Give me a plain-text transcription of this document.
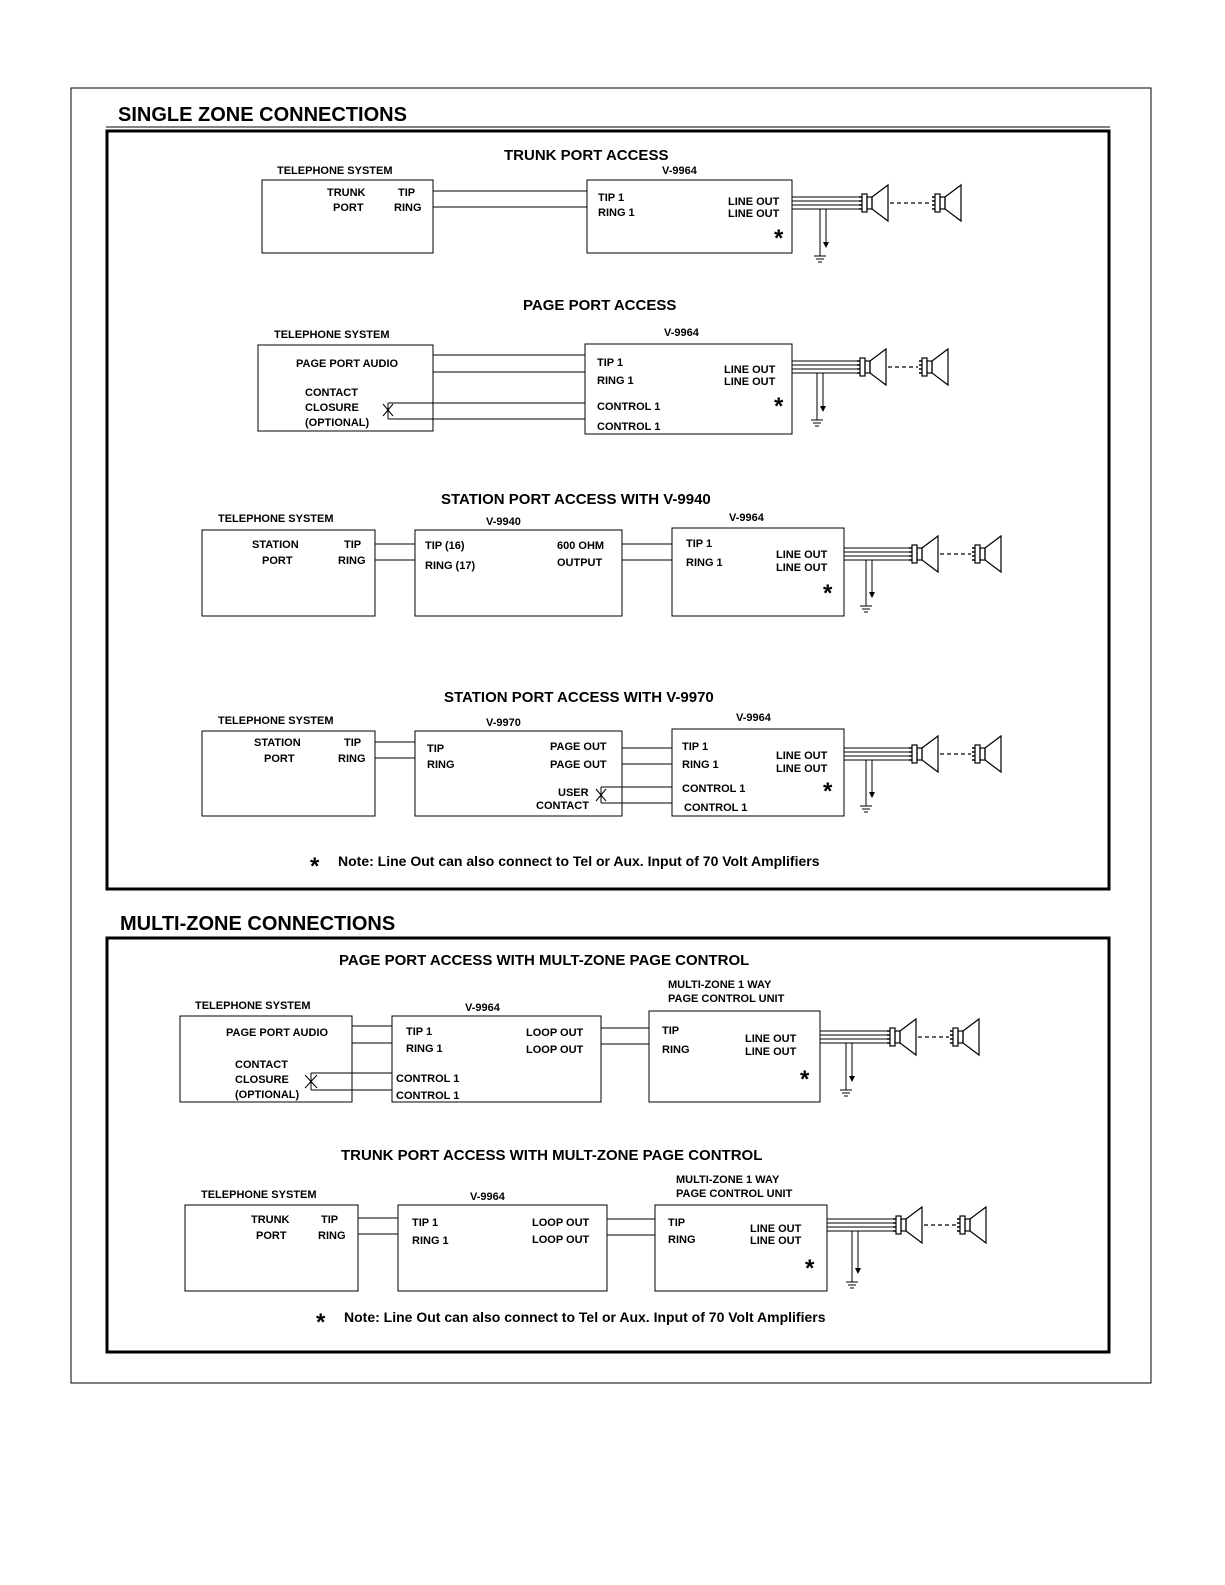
SINGLE ZONE CONNECTIONS
TRUNK PORT ACCESS
TELEPHONE SYSTEM
TRUNK
PORT
TIP
RING
V-9964
TIP 1
RING 1
LINE OUT
LINE OUT
*
PAGE PORT ACCESS
TELEPHONE SYSTEM
PAGE PORT AUDIO
CONTACT
CLOSURE
(OPTIONAL)
V-9964
TIP 1
RING 1
CONTROL 1
CONTROL 1
LINE OUT
LINE OUT
*
STATION PORT ACCESS WITH V-9940
TELEPHONE SYSTEM
STATION
PORT
TIP
RING
V-9940
TIP (16)
RING (17)
600 OHM
OUTPUT
V-9964
TIP 1
RING 1
LINE OUT
LINE OUT
*
STATION PORT ACCESS WITH V-9970
TELEPHONE SYSTEM
STATION
PORT
TIP
RING
V-9970
TIP
RING
PAGE OUT
PAGE OUT
USER
CONTACT
V-9964
TIP 1
RING 1
CONTROL 1
CONTROL 1
LINE OUT
LINE OUT
*
* Note: Line Out can also connect to Tel or Aux. Input of 70 Volt Amplifiers
MULTI-ZONE CONNECTIONS
PAGE PORT ACCESS WITH MULT-ZONE PAGE CONTROL
TELEPHONE SYSTEM
PAGE PORT AUDIO
CONTACT
CLOSURE
(OPTIONAL)
V-9964
TIP 1
RING 1
CONTROL 1
CONTROL 1
LOOP OUT
LOOP OUT
MULTI-ZONE 1 WAY
PAGE CONTROL UNIT
TIP
RING
LINE OUT
LINE OUT
*
TRUNK PORT ACCESS WITH MULT-ZONE PAGE CONTROL
TELEPHONE SYSTEM
TRUNK
PORT
TIP
RING
V-9964
TIP 1
RING 1
LOOP OUT
LOOP OUT
MULTI-ZONE 1 WAY
PAGE CONTROL UNIT
TIP
RING
LINE OUT
LINE OUT
*
* Note: Line Out can also connect to Tel or Aux. Input of 70 Volt Amplifiers
